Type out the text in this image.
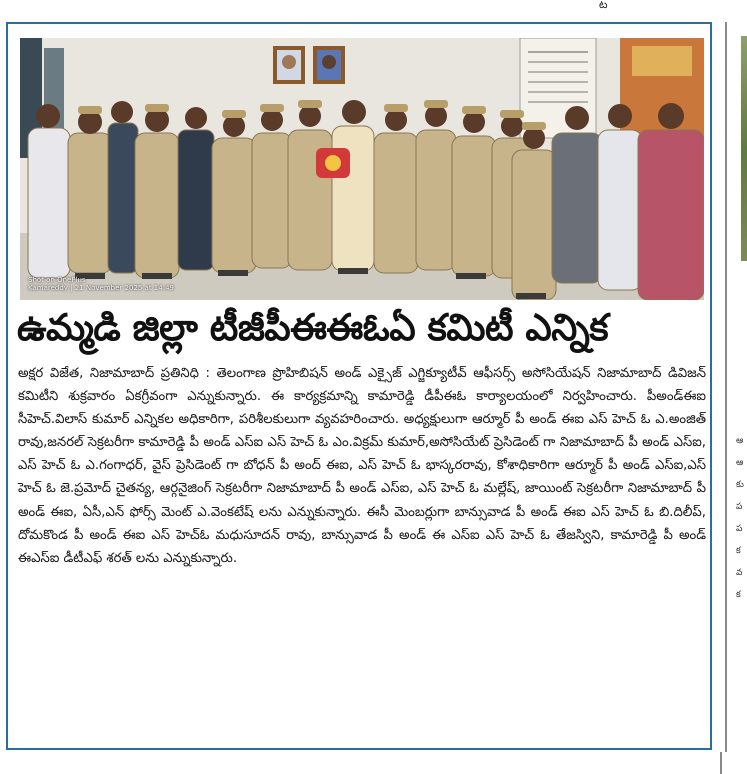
ట
Shot on OnePlus
Kamareddy | 21 November 2025 at 14:49
ఉమ్మడి జిల్లా టీజీపీఈఈఓఏ కమిటీ ఎన్నిక
అక్షర విజేత, నిజామాబాద్ ప్రతినిధి : తెలంగాణ ప్రొహిబిషన్ అండ్ ఎక్సైజ్ ఎగ్జిక్యూటీవ్ ఆఫీసర్స్ అసోసియేషన్ నిజామాబాద్ డివిజన్ కమిటీని శుక్రవారం ఏకగ్రీవంగా ఎన్నుకున్నారు. ఈ కార్యక్రమాన్ని కామారెడ్డి డీపీఈఓ కార్యాలయంలో నిర్వహించారు. పీఅండ్ఈఐ సీహెచ్.విలాస్ కుమార్ ఎన్నికల అధికారిగా, పరిశీలకులుగా వ్యవహరించారు. అధ్యక్షులుగా ఆర్మూర్ పీ అండ్ ఈఐ ఎస్ హెచ్ ఓ ఎ.అంజిత్ రావు,జనరల్ సెక్రటరీగా కామారెడ్డి పీ అండ్ ఎస్ఐ ఎస్ హెచ్ ఓ ఎం.విక్రమ్ కుమార్,అసోసియేట్ ప్రెసిడెంట్ గా నిజామాబాద్ పీ అండ్ ఎస్ఐ, ఎస్ హెచ్ ఓ ఎ.గంగాధర్, వైస్ ప్రెసిడెంట్ గా బోధన్ పీ అంద్ ఈఐ, ఎస్ హెచ్ ఓ భాస్కరరావు, కోశాధికారిగా ఆర్మూర్ పీ అండ్ ఎస్ఐ,ఎస్ హెచ్ ఓ జె.ప్రమోద్ చైతన్య, ఆర్గనైజింగ్ సెక్రటరీగా నిజామాబాద్ పీ అండ్ ఎస్ఐ, ఎస్ హెచ్ ఓ మల్లేష్, జాయింట్ సెక్రటరీగా నిజామాబాద్ పీ అండ్ ఈఐ, ఏసీ,ఎన్ ఫోర్స్ మెంట్ ఎ.వెంకటేష్ లను ఎన్నుకున్నారు. ఈసీ మెంబర్లుగా బాన్సువాడ పీ అండ్ ఈఐ ఎస్ హెచ్ ఓ బి.దిలీప్, దోమకొండ పీ అండ్ ఈఐ ఎస్ హెచ్ఓ మధుసూదన్ రావు, బాన్సువాడ పీ అండ్ ఈ ఎస్ఐ ఎస్ హెచ్ ఓ తేజస్విని, కామారెడ్డి పీ అండ్ ఈఎస్ఐ డీటీఎఫ్ శరత్ లను ఎన్నుకున్నారు.
ఆ
ఆ
కు
ప
ప
క
వ
క
